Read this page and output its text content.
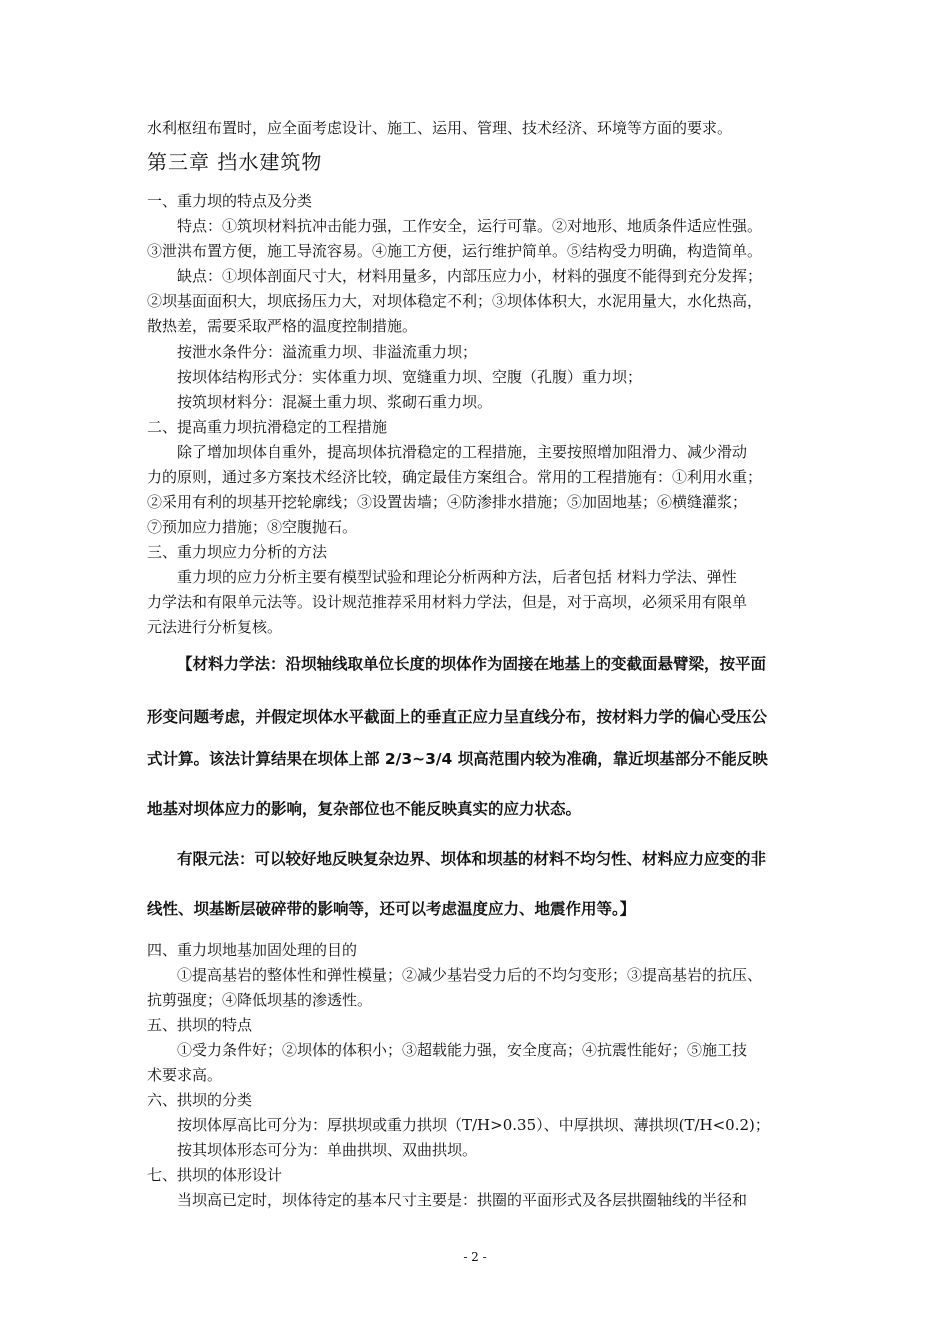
水利枢纽布置时，应全面考虑设计、施工、运用、管理、技术经济、环境等方面的要求。
第三章 挡水建筑物
一、重力坝的特点及分类
特点：①筑坝材料抗冲击能力强，工作安全，运行可靠。②对地形、地质条件适应性强。
③泄洪布置方便，施工导流容易。④施工方便，运行维护简单。⑤结构受力明确，构造简单。
缺点：①坝体剖面尺寸大，材料用量多，内部压应力小，材料的强度不能得到充分发挥；
②坝基面面积大，坝底扬压力大，对坝体稳定不利；③坝体体积大，水泥用量大，水化热高，
散热差，需要采取严格的温度控制措施。
按泄水条件分：溢流重力坝、非溢流重力坝；
按坝体结构形式分：实体重力坝、宽缝重力坝、空腹（孔腹）重力坝；
按筑坝材料分：混凝土重力坝、浆砌石重力坝。
二、提高重力坝抗滑稳定的工程措施
除了增加坝体自重外，提高坝体抗滑稳定的工程措施，主要按照增加阻滑力、减少滑动
力的原则，通过多方案技术经济比较，确定最佳方案组合。常用的工程措施有：①利用水重；
②采用有利的坝基开挖轮廓线；③设置齿墙；④防渗排水措施；⑤加固地基；⑥横缝灌浆；
⑦预加应力措施；⑧空腹抛石。
三、重力坝应力分析的方法
重力坝的应力分析主要有模型试验和理论分析两种方法，后者包括 材料力学法、弹性
力学法和有限单元法等。设计规范推荐采用材料力学法，但是，对于高坝，必须采用有限单
元法进行分析复核。
【材料力学法：沿坝轴线取单位长度的坝体作为固接在地基上的变截面悬臂梁，按平面
形变问题考虑，并假定坝体水平截面上的垂直正应力呈直线分布，按材料力学的偏心受压公
式计算。该法计算结果在坝体上部 2/3~3/4 坝高范围内较为准确，靠近坝基部分不能反映
地基对坝体应力的影响，复杂部位也不能反映真实的应力状态。
有限元法：可以较好地反映复杂边界、坝体和坝基的材料不均匀性、材料应力应变的非
线性、坝基断层破碎带的影响等，还可以考虑温度应力、地震作用等。】
四、重力坝地基加固处理的目的
①提高基岩的整体性和弹性模量；②减少基岩受力后的不均匀变形；③提高基岩的抗压、
抗剪强度；④降低坝基的渗透性。
五、拱坝的特点
①受力条件好；②坝体的体积小；③超载能力强，安全度高；④抗震性能好；⑤施工技
术要求高。
六、拱坝的分类
按坝体厚高比可分为：厚拱坝或重力拱坝（T/H>0.35）、中厚拱坝、薄拱坝(T/H<0.2)；
按其坝体形态可分为：单曲拱坝、双曲拱坝。
七、拱坝的体形设计
当坝高已定时，坝体待定的基本尺寸主要是：拱圈的平面形式及各层拱圈轴线的半径和
- 2 -
